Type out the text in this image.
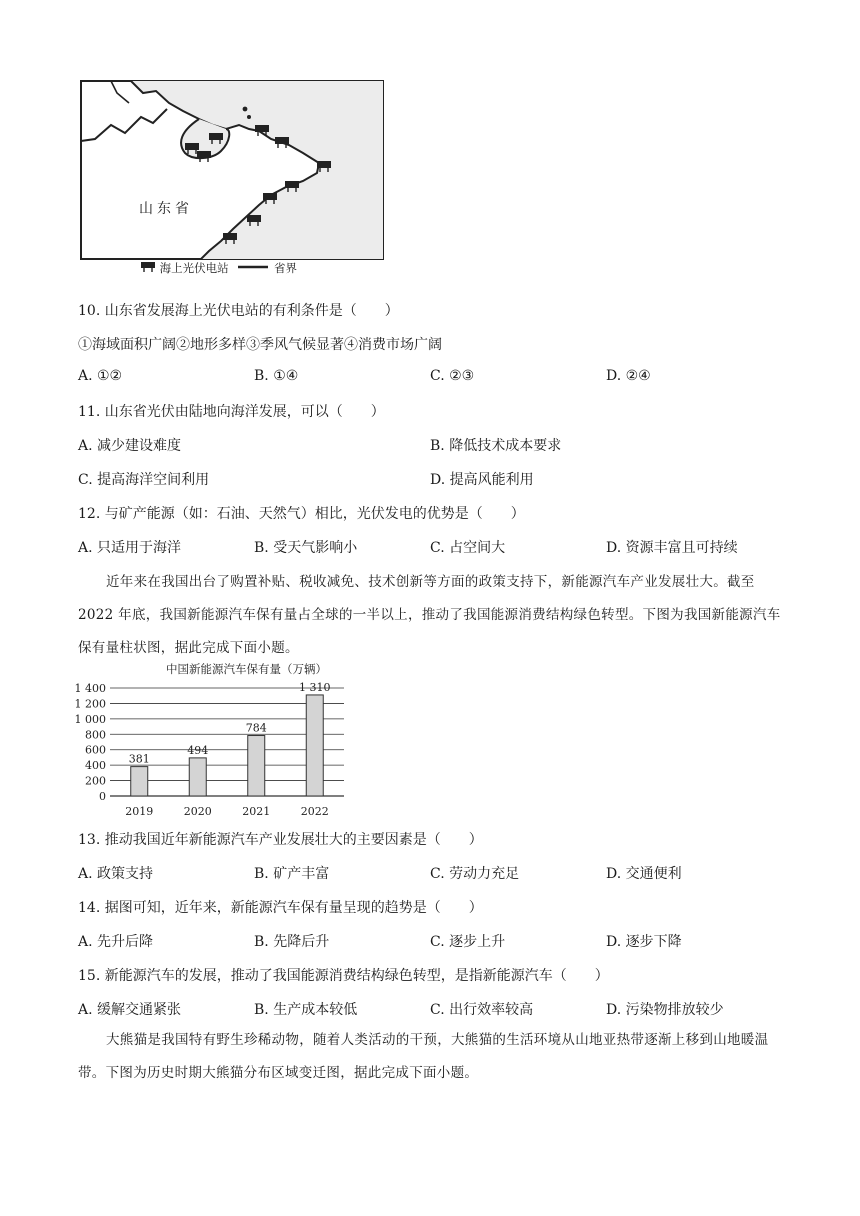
山东省
海上光伏电站	省界
10. 山东省发展海上光伏电站的有利条件是（　　）
①海域面积广阔②地形多样③季风气候显著④消费市场广阔
A. ①②	B. ①④	C. ②③	D. ②④
11. 山东省光伏由陆地向海洋发展，可以（　　）
A. 减少建设难度	B. 降低技术成本要求
C. 提高海洋空间利用	D. 提高风能利用
12. 与矿产能源（如：石油、天然气）相比，光伏发电的优势是（　　）
A. 只适用于海洋	B. 受天气影响小	C. 占空间大	D. 资源丰富且可持续
近年来在我国出台了购置补贴、税收减免、技术创新等方面的政策支持下，新能源汽车产业发展壮大。截至 2022 年底，我国新能源汽车保有量占全球的一半以上，推动了我国能源消费结构绿色转型。下图为我国新能源汽车保有量柱状图，据此完成下面小题。
中国新能源汽车保有量（万辆）
0
200
400
600
800
1 000
1 200
1 400
381
494
784
1 310
2019	2020	2021	2022
13. 推动我国近年新能源汽车产业发展壮大的主要因素是（　　）
A. 政策支持	B. 矿产丰富	C. 劳动力充足	D. 交通便利
14. 据图可知，近年来，新能源汽车保有量呈现的趋势是（　　）
A. 先升后降	B. 先降后升	C. 逐步上升	D. 逐步下降
15. 新能源汽车的发展，推动了我国能源消费结构绿色转型，是指新能源汽车（　　）
A. 缓解交通紧张	B. 生产成本较低	C. 出行效率较高	D. 污染物排放较少
大熊猫是我国特有野生珍稀动物，随着人类活动的干预，大熊猫的生活环境从山地亚热带逐渐上移到山地暖温带。下图为历史时期大熊猫分布区域变迁图，据此完成下面小题。
